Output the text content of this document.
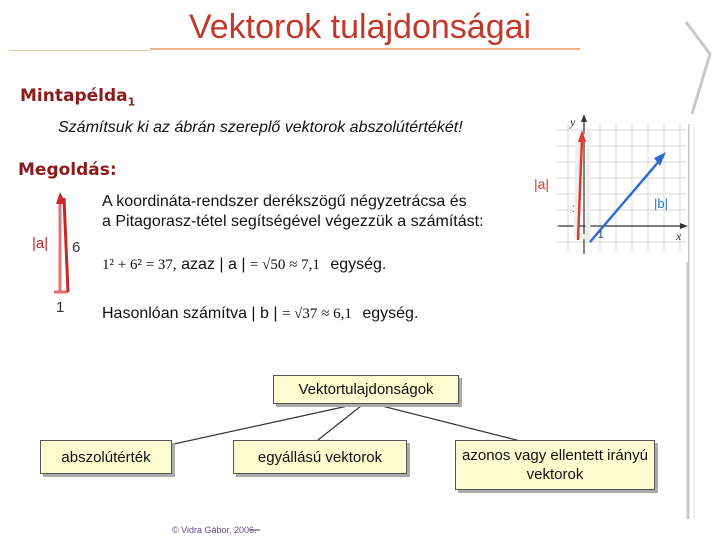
Vektorok tulajdonságai
Mintapélda$_1$
Számítsuk ki az ábrán szereplő vektorok abszolútértékét!
Megoldás:
A koordináta-rendszer derékszögű négyzetrácsa és
a Pitagorasz-tétel segítségével végezzük a számítást:
1² + 6² = 37, azaz | a | = √50 ≈ 7,1 egység.
Hasonlóan számítva | b | = √37 ≈ 6,1 egység.
|a| 6
1
y
x
1
1
|b|
|a|
Vektortulajdonságok
abszolútérték	egyállású vektorok	azonos vagy ellentett irányú vektorok
© Vidra Gábor, 2006.
